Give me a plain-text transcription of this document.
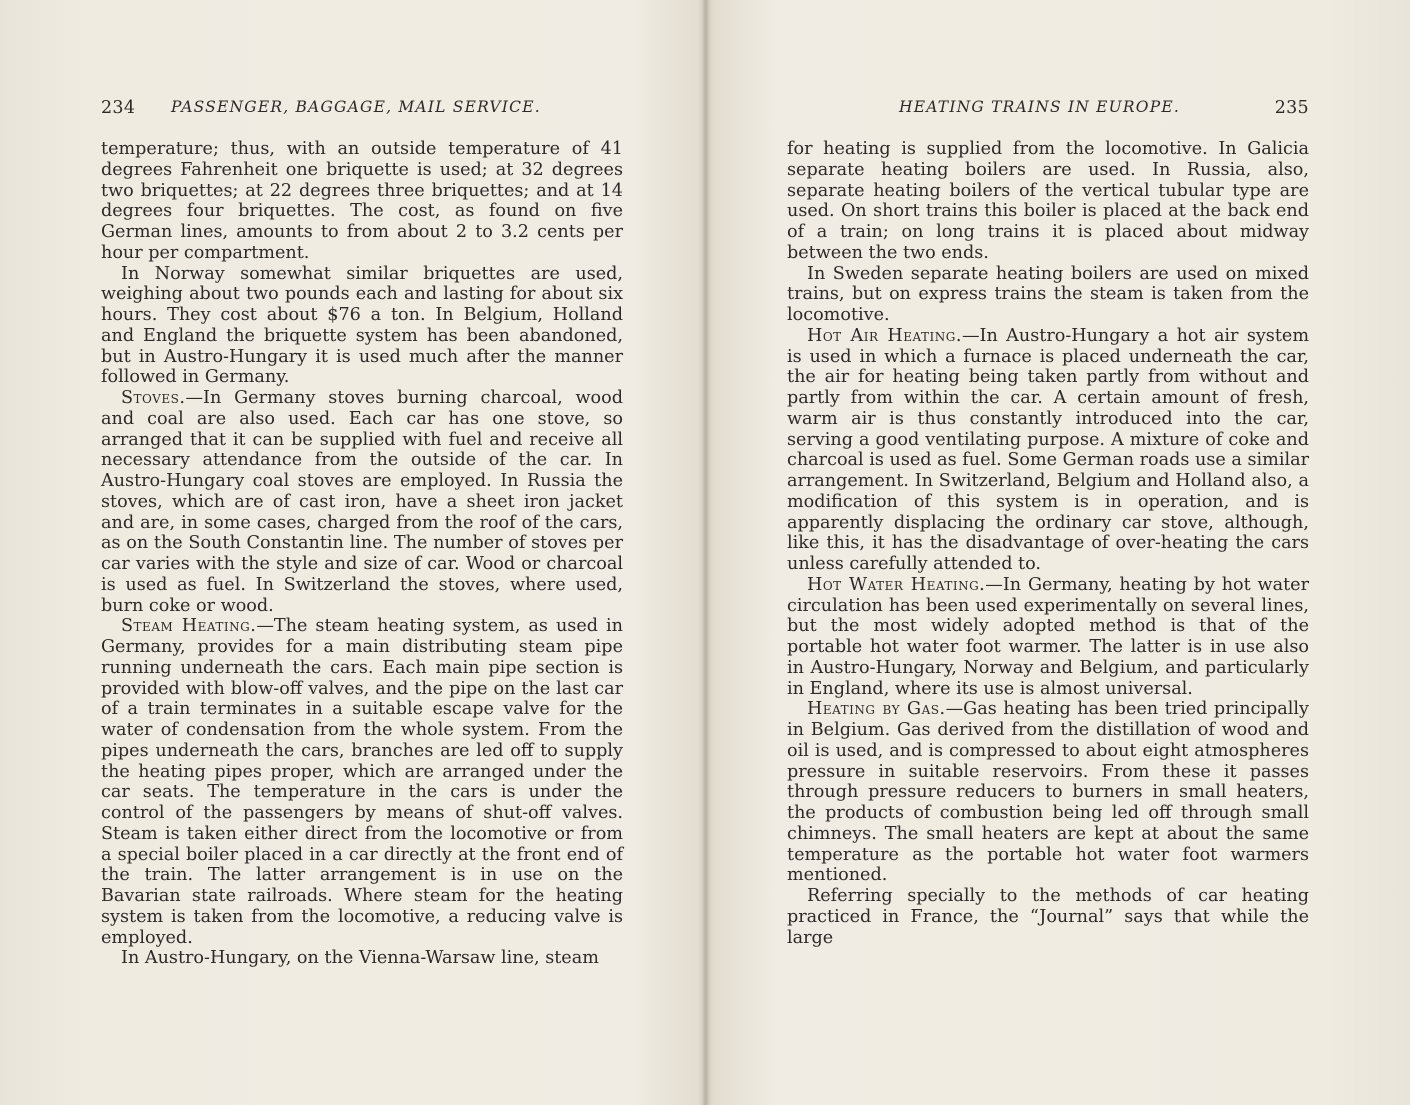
234 PASSENGER, BAGGAGE, MAIL SERVICE.

temperature; thus, with an outside temperature of 41 degrees Fahrenheit one briquette is used; at 32 degrees two briquettes; at 22 degrees three briquettes; and at 14 degrees four briquettes. The cost, as found on five German lines, amounts to from about 2 to 3.2 cents per hour per compartment.

In Norway somewhat similar briquettes are used, weighing about two pounds each and lasting for about six hours. They cost about $76 a ton. In Belgium, Holland and England the briquette system has been abandoned, but in Austro-Hungary it is used much after the manner followed in Germany.

Stoves.—In Germany stoves burning charcoal, wood and coal are also used. Each car has one stove, so arranged that it can be supplied with fuel and receive all necessary attendance from the outside of the car. In Austro-Hungary coal stoves are employed. In Russia the stoves, which are of cast iron, have a sheet iron jacket and are, in some cases, charged from the roof of the cars, as on the South Constantin line. The number of stoves per car varies with the style and size of car. Wood or charcoal is used as fuel. In Switzerland the stoves, where used, burn coke or wood.

Steam Heating.—The steam heating system, as used in Germany, provides for a main distributing steam pipe running underneath the cars. Each main pipe section is provided with blow-off valves, and the pipe on the last car of a train terminates in a suitable escape valve for the water of condensation from the whole system. From the pipes underneath the cars, branches are led off to supply the heating pipes proper, which are arranged under the car seats. The temperature in the cars is under the control of the passengers by means of shut-off valves. Steam is taken either direct from the locomotive or from a special boiler placed in a car directly at the front end of the train. The latter arrangement is in use on the Bavarian state railroads. Where steam for the heating system is taken from the locomotive, a reducing valve is employed.

In Austro-Hungary, on the Vienna-Warsaw line, steam

HEATING TRAINS IN EUROPE.	235

for heating is supplied from the locomotive. In Galicia separate heating boilers are used. In Russia, also, separate heating boilers of the vertical tubular type are used. On short trains this boiler is placed at the back end of a train; on long trains it is placed about midway between the two ends.

In Sweden separate heating boilers are used on mixed trains, but on express trains the steam is taken from the locomotive.

Hot Air Heating.—In Austro-Hungary a hot air system is used in which a furnace is placed underneath the car, the air for heating being taken partly from without and partly from within the car. A certain amount of fresh, warm air is thus constantly introduced into the car, serving a good ventilating purpose. A mixture of coke and charcoal is used as fuel. Some German roads use a similar arrangement. In Switzerland, Belgium and Holland also, a modification of this system is in operation, and is apparently displacing the ordinary car stove, although, like this, it has the disadvantage of over-heating the cars unless carefully attended to.

Hot Water Heating.—In Germany, heating by hot water circulation has been used experimentally on several lines, but the most widely adopted method is that of the portable hot water foot warmer. The latter is in use also in Austro-Hungary, Norway and Belgium, and particularly in England, where its use is almost universal.

Heating by Gas.—Gas heating has been tried principally in Belgium. Gas derived from the distillation of wood and oil is used, and is compressed to about eight atmospheres pressure in suitable reservoirs. From these it passes through pressure reducers to burners in small heaters, the products of combustion being led off through small chimneys. The small heaters are kept at about the same temperature as the portable hot water foot warmers mentioned.

Referring specially to the methods of car heating practiced in France, the “Journal” says that while the large
